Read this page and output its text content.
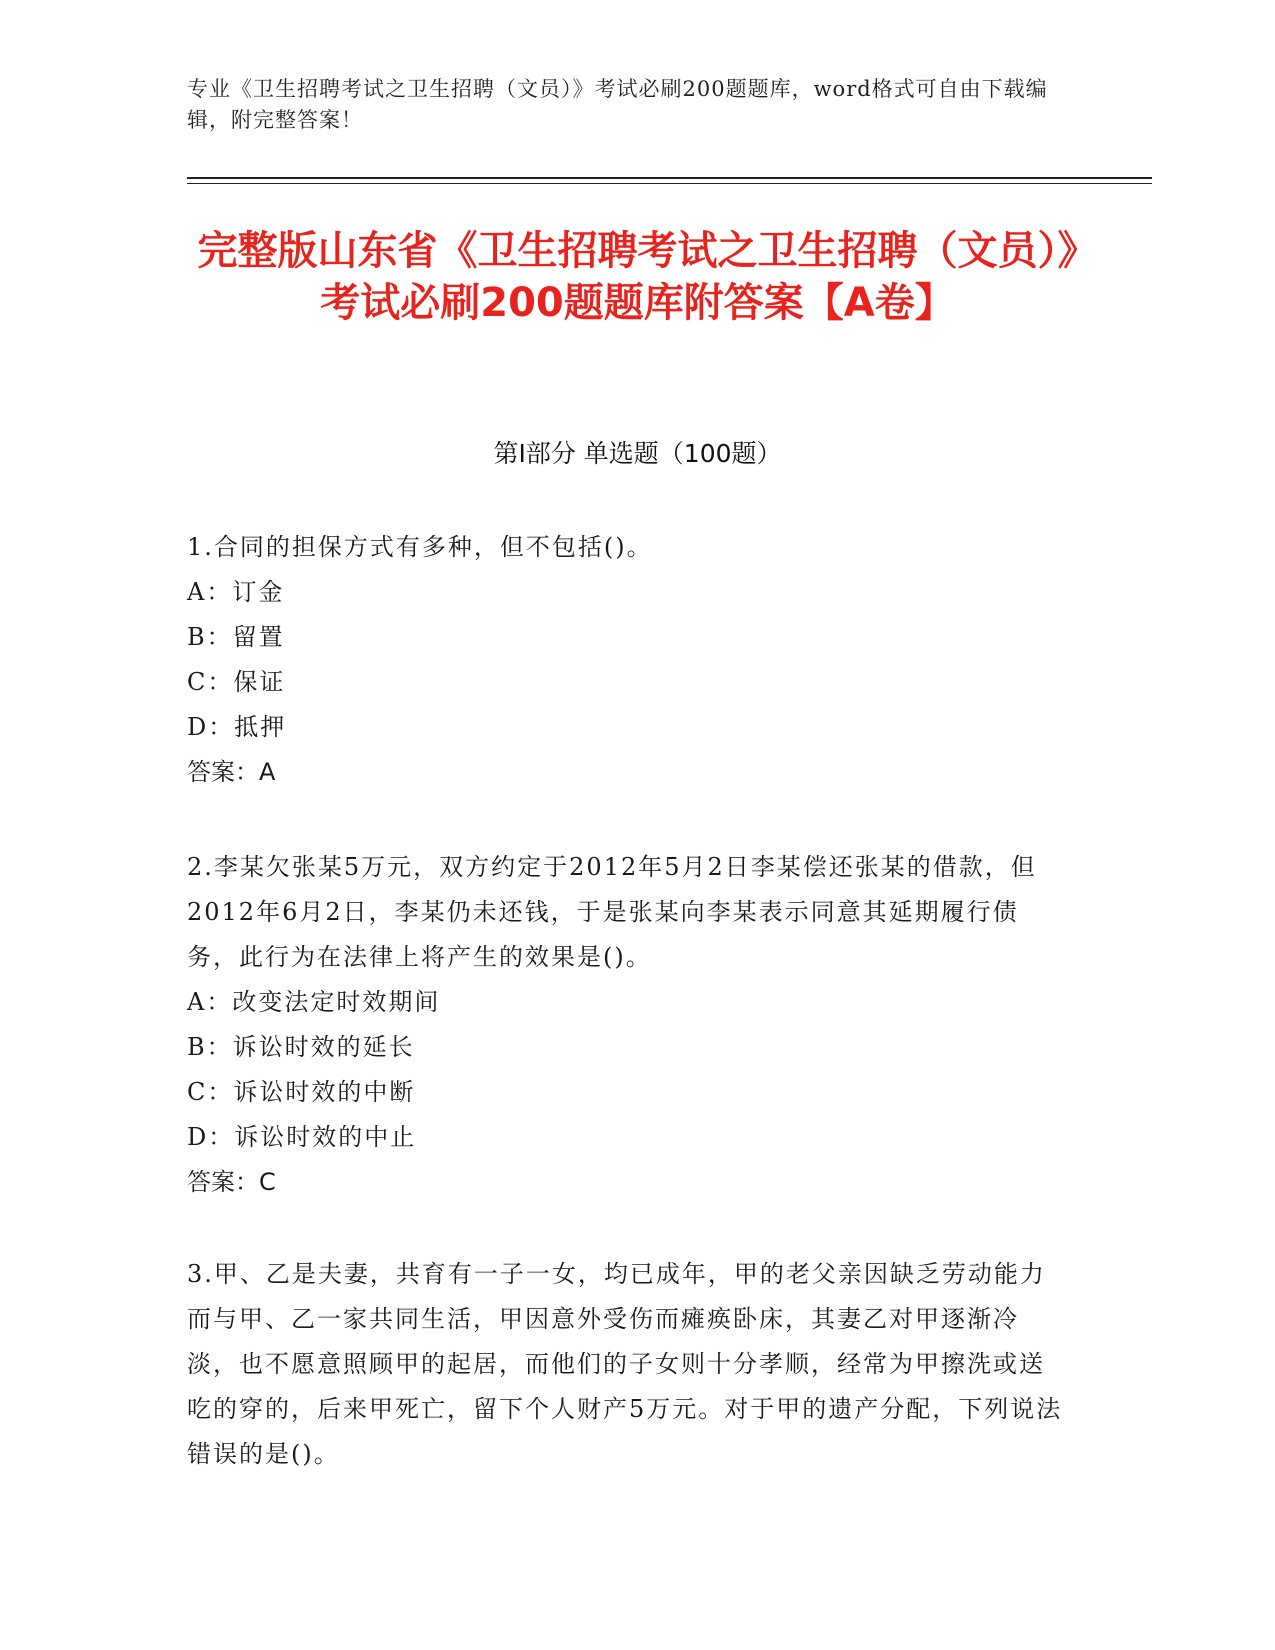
专业《卫生招聘考试之卫生招聘（文员）》考试必刷200题题库，word格式可自由下载编辑，附完整答案！
完整版山东省《卫生招聘考试之卫生招聘（文员）》考试必刷200题题库附答案【A卷】
第Ⅰ部分 单选题（100题）
1.合同的担保方式有多种，但不包括()。
A：订金
B：留置
C：保证
D：抵押
答案：A
2.李某欠张某5万元，双方约定于2012年5月2日李某偿还张某的借款，但2012年6月2日，李某仍未还钱，于是张某向李某表示同意其延期履行债务，此行为在法律上将产生的效果是()。
A：改变法定时效期间
B：诉讼时效的延长
C：诉讼时效的中断
D：诉讼时效的中止
答案：C
3.甲、乙是夫妻，共育有一子一女，均已成年，甲的老父亲因缺乏劳动能力而与甲、乙一家共同生活，甲因意外受伤而瘫痪卧床，其妻乙对甲逐渐冷淡，也不愿意照顾甲的起居，而他们的子女则十分孝顺，经常为甲擦洗或送吃的穿的，后来甲死亡，留下个人财产5万元。对于甲的遗产分配，下列说法错误的是()。
